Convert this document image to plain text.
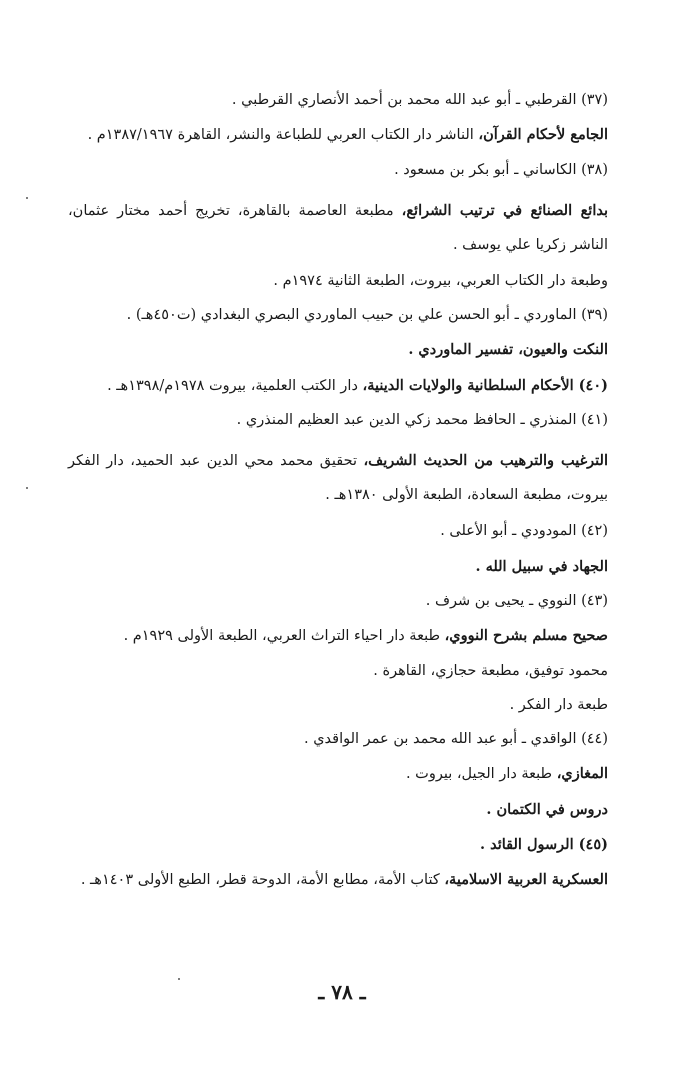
(٣٧) القرطبي ـ أبو عبد الله محمد بن أحمد الأنصاري القرطبي .

الجامع لأحكام القرآن، الناشر دار الكتاب العربي للطباعة والنشر، القاهرة ١٣٨٧/١٩٦٧م .

(٣٨) الكاساني ـ أبو بكر بن مسعود .

بدائع الصنائع في ترتيب الشرائع، مطبعة العاصمة بالقاهرة، تخريج أحمد مختار عثمان، الناشر زكريا علي يوسف .

وطبعة دار الكتاب العربي، بيروت، الطبعة الثانية ١٩٧٤م .

(٣٩) الماوردي ـ أبو الحسن علي بن حبيب الماوردي البصري البغدادي (ت٤٥٠هـ) .

النكت والعيون، تفسير الماوردي .

(٤٠) الأحكام السلطانية والولايات الدينية، دار الكتب العلمية، بيروت ١٩٧٨م/١٣٩٨هـ .

(٤١) المنذري ـ الحافظ محمد زكي الدين عبد العظيم المنذري .

الترغيب والترهيب من الحديث الشريف، تحقيق محمد محي الدين عبد الحميد، دار الفكر بيروت، مطبعة السعادة، الطبعة الأولى ١٣٨٠هـ .

(٤٢) المودودي ـ أبو الأعلى .

الجهاد في سبيل الله .

(٤٣) النووي ـ يحيى بن شرف .

صحيح مسلم بشرح النووي، طبعة دار احياء التراث العربي، الطبعة الأولى ١٩٢٩م .

محمود توفيق، مطبعة حجازي، القاهرة .

طبعة دار الفكر .

(٤٤) الواقدي ـ أبو عبد الله محمد بن عمر الواقدي .

المغازي، طبعة دار الجيل، بيروت .

دروس في الكتمان .

(٤٥) الرسول القائد .

العسكرية العربية الاسلامية، كتاب الأمة، مطابع الأمة، الدوحة قطر، الطبع الأولى ١٤٠٣هـ .

ـ ٧٨ ـ
